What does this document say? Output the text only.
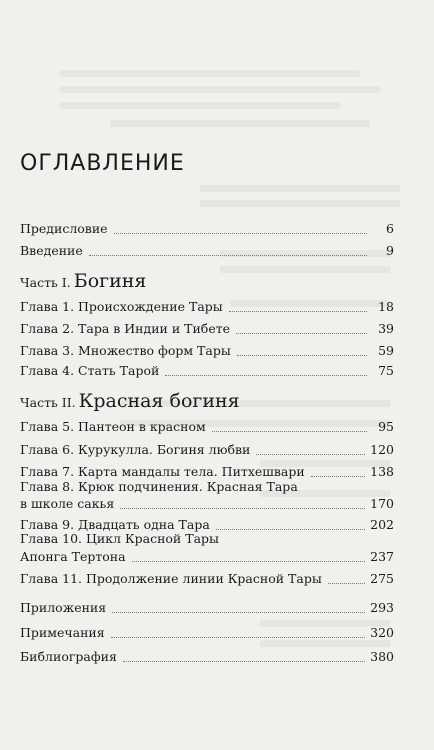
ОГЛАВЛЕНИЕ
Предисловие	6
Введение	9
Часть I. Богиня
Глава 1. Происхождение Тары	18
Глава 2. Тара в Индии и Тибете	39
Глава 3. Множество форм Тары	59
Глава 4. Стать Тарой	75
Часть II. Красная богиня
Глава 5. Пантеон в красном	95
Глава 6. Курукулла. Богиня любви	120
Глава 7. Карта мандалы тела. Питхешвари	138
Глава 8. Крюк подчинения. Красная Тара
в школе сакья	170
Глава 9. Двадцать одна Тара	202
Глава 10. Цикл Красной Тары
Апонга Тертона	237
Глава 11. Продолжение линии Красной Тары	275
Приложения	293
Примечания	320
Библиография	380
